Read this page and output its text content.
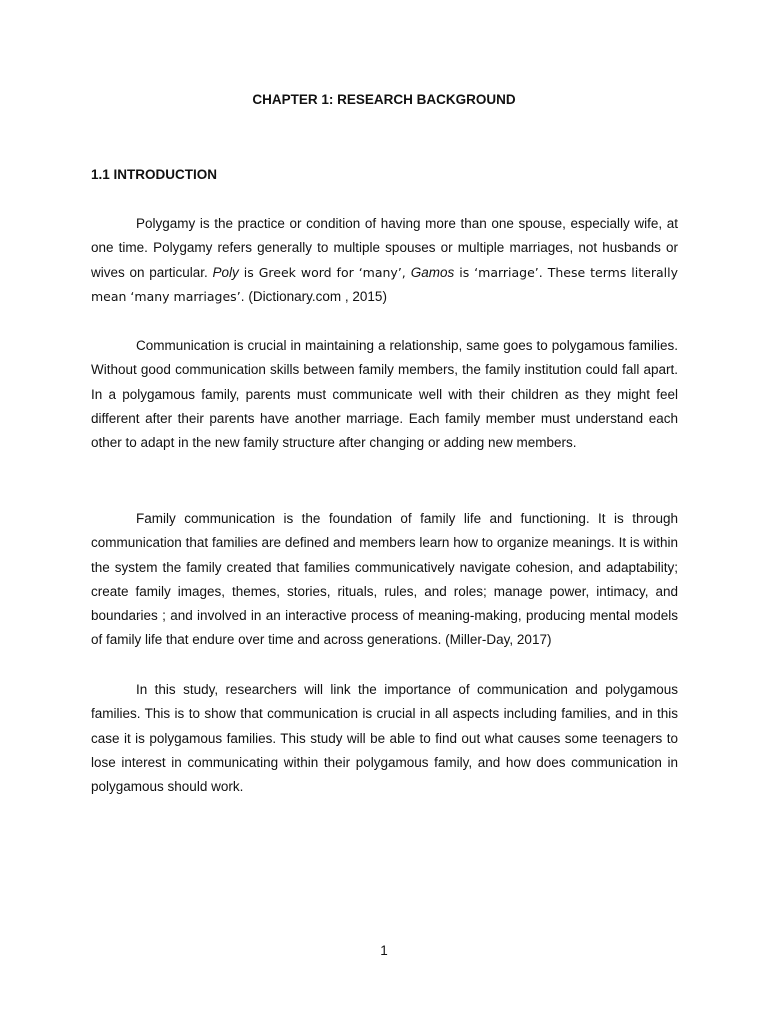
CHAPTER 1: RESEARCH BACKGROUND
1.1 INTRODUCTION

Polygamy is the practice or condition of having more than one spouse, especially wife, at one time. Polygamy refers generally to multiple spouses or multiple marriages, not husbands or wives on particular. Poly is Greek word for ‘many’, Gamos is ‘marriage’. These terms literally mean ‘many marriages’. (Dictionary.com , 2015)

Communication is crucial in maintaining a relationship, same goes to polygamous families. Without good communication skills between family members, the family institution could fall apart. In a polygamous family, parents must communicate well with their children as they might feel different after their parents have another marriage. Each family member must understand each other to adapt in the new family structure after changing or adding new members.

Family communication is the foundation of family life and functioning. It is through communication that families are defined and members learn how to organize meanings. It is within the system the family created that families communicatively navigate cohesion, and adaptability; create family images, themes, stories, rituals, rules, and roles; manage power, intimacy, and boundaries ; and involved in an interactive process of meaning-making, producing mental models of family life that endure over time and across generations. (Miller-Day, 2017)

In this study, researchers will link the importance of communication and polygamous families. This is to show that communication is crucial in all aspects including families, and in this case it is polygamous families. This study will be able to find out what causes some teenagers to lose interest in communicating within their polygamous family, and how does communication in polygamous should work.

1
